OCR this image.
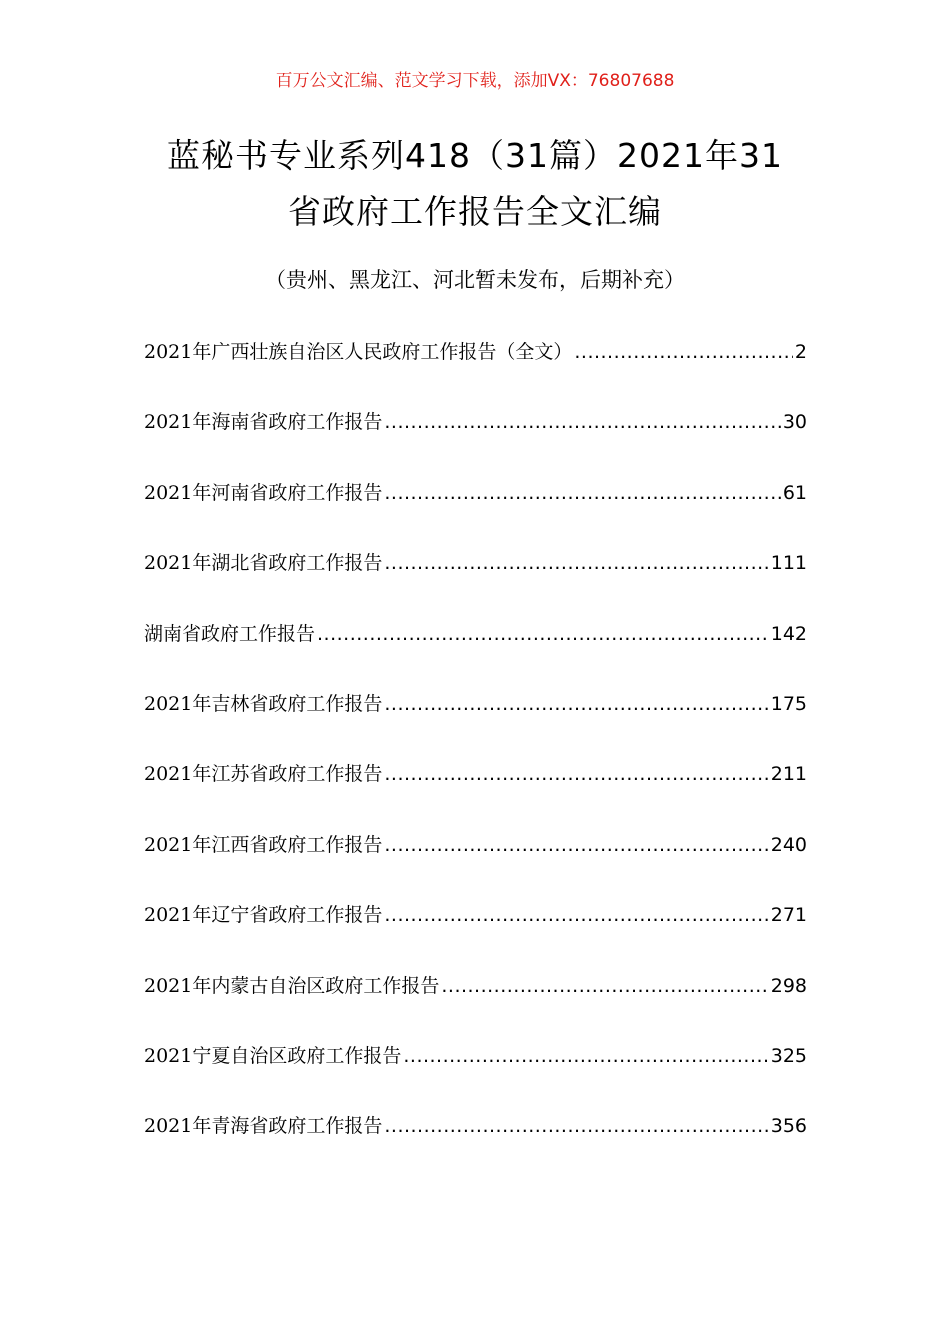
百万公文汇编、范文学习下载，添加VX：76807688
蓝秘书专业系列418（31篇）2021年31
省政府工作报告全文汇编
（贵州、黑龙江、河北暂未发布，后期补充）
2021年广西壮族自治区人民政府工作报告（全文） .....	2
2021年海南省政府工作报告 .....	30
2021年河南省政府工作报告 .....	61
2021年湖北省政府工作报告 .....	111
湖南省政府工作报告 .....	142
2021年吉林省政府工作报告 .....	175
2021年江苏省政府工作报告 .....	211
2021年江西省政府工作报告 .....	240
2021年辽宁省政府工作报告 .....	271
2021年内蒙古自治区政府工作报告 .....	298
2021宁夏自治区政府工作报告 .....	325
2021年青海省政府工作报告 .....	356
